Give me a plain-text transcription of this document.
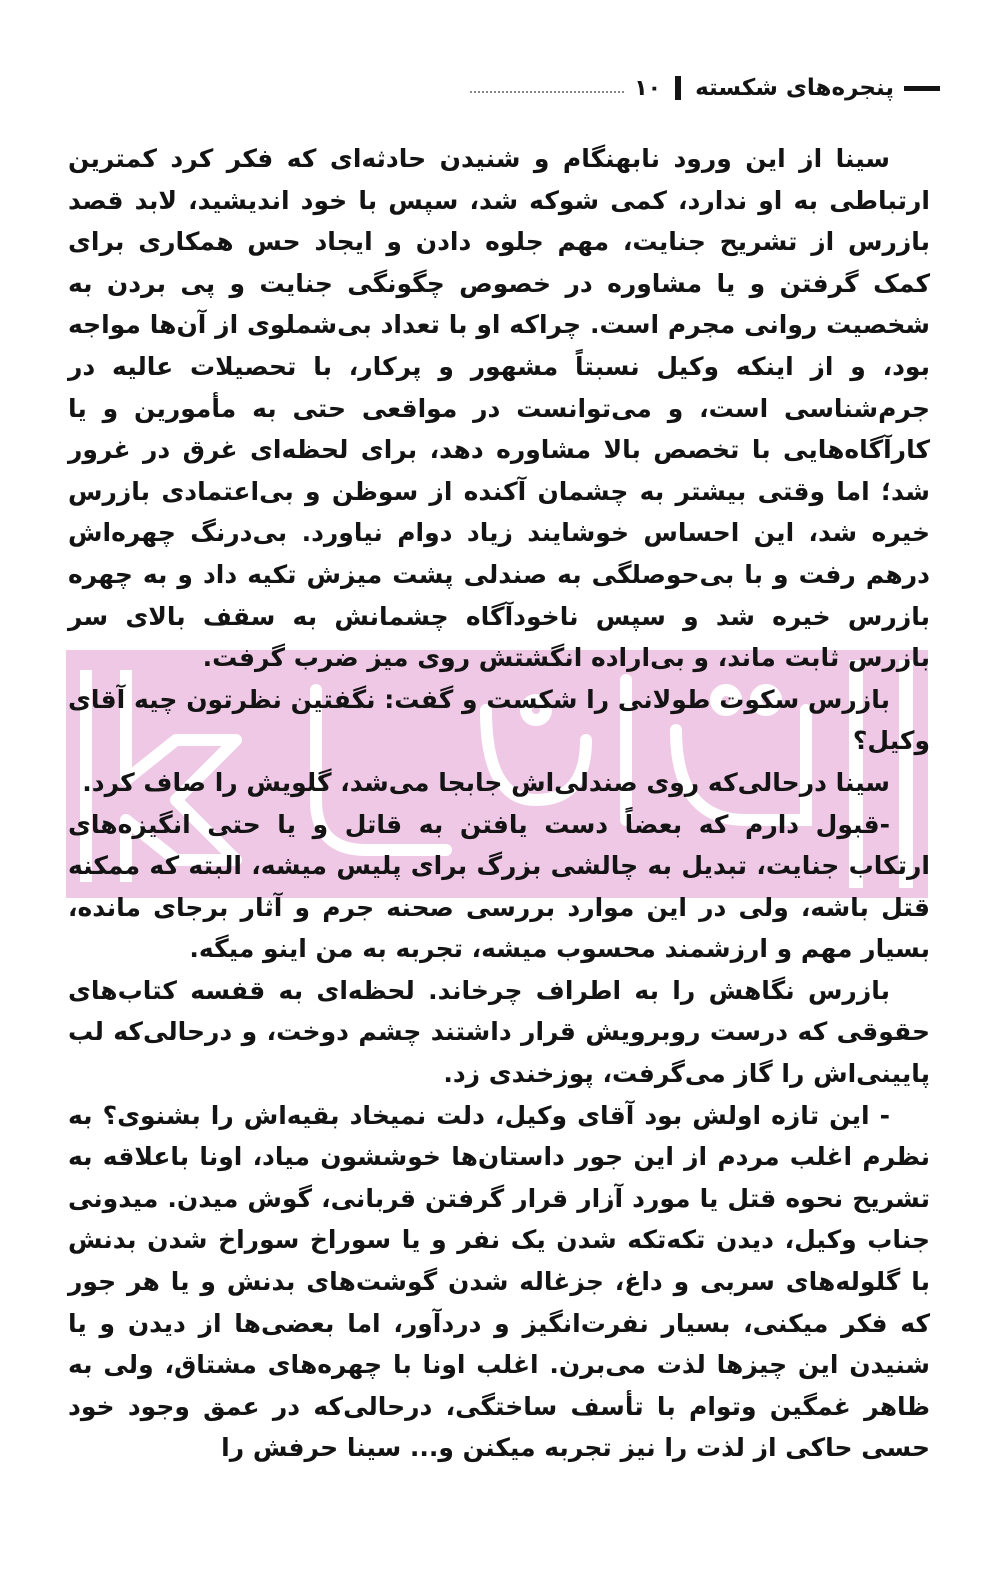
پنجره‌های شکسته
۱۰

سینا از این ورود نابهنگام و شنیدن حادثه‌ای که فکر کرد کمترین ارتباطی به او ندارد، کمی شوکه شد، سپس با خود اندیشید، لابد قصد بازرس از تشریح جنایت، مهم جلوه دادن و ایجاد حس همکاری برای کمک گرفتن و یا مشاوره در خصوص چگونگی جنایت و پی بردن به شخصیت روانی مجرم است. چراکه او با تعداد بی‌شملوی از آن‌ها مواجه بود، و از اینکه وکیل نسبتاً مشهور و پرکار، با تحصیلات عالیه در جرم‌شناسی است، و می‌توانست در مواقعی حتی به مأمورین و یا کارآگاه‌هایی با تخصص بالا مشاوره دهد، برای لحظه‌ای غرق در غرور شد؛ اما وقتی بیشتر به چشمان آکنده از سوظن و بی‌اعتمادی بازرس خیره شد، این احساس خوشایند زیاد دوام نیاورد. بی‌درنگ چهره‌اش درهم رفت و با بی‌حوصلگی به صندلی پشت میزش تکیه داد و به چهره بازرس خیره شد و سپس ناخودآگاه چشمانش به سقف بالای سر بازرس ثابت ماند، و بی‌اراده انگشتش روی میز ضرب گرفت.

بازرس سکوت طولانی را شکست و گفت: نگفتین نظرتون چیه آقای وکیل؟

سینا درحالی‌که روی صندلی‌اش جابجا می‌شد، گلویش را صاف کرد.

-قبول دارم که بعضاً دست یافتن به قاتل و یا حتی انگیزه‌های ارتکاب جنایت، تبدیل به چالشی بزرگ برای پلیس میشه، البته که ممکنه قتل باشه، ولی در این موارد بررسی صحنه جرم و آثار برجای مانده، بسیار مهم و ارزشمند محسوب میشه، تجربه به من اینو میگه.

بازرس نگاهش را به اطراف چرخاند. لحظه‌ای به قفسه کتاب‌های حقوقی که درست روبرویش قرار داشتند چشم دوخت، و درحالی‌که لب پایینی‌اش را گاز می‌گرفت، پوزخندی زد.

- این تازه اولش بود آقای وکیل، دلت نمیخاد بقیه‌اش را بشنوی؟ به نظرم اغلب مردم از این جور داستان‌ها خوششون میاد، اونا باعلاقه به تشریح نحوه قتل یا مورد آزار قرار گرفتن قربانی، گوش میدن. میدونی جناب وکیل، دیدن تکه‌تکه شدن یک نفر و یا سوراخ سوراخ شدن بدنش با گلوله‌های سربی و داغ، جزغاله شدن گوشت‌های بدنش و یا هر جور که فکر میکنی، بسیار نفرت‌انگیز و دردآور، اما بعضی‌ها از دیدن و یا شنیدن این چیزها لذت می‌برن. اغلب اونا با چهره‌های مشتاق، ولی به ظاهر غمگین وتوام با تأسف ساختگی، درحالی‌که در عمق وجود خود حسی حاکی از لذت را نیز تجربه میکنن و... سینا حرفش را
